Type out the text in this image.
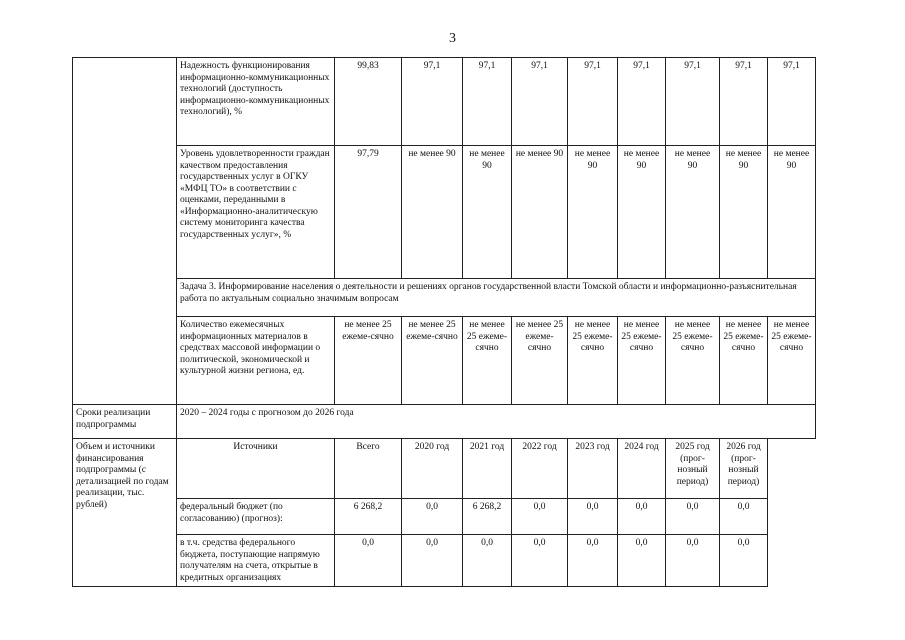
3
	Надежность функционирования информационно-коммуникационных технологий (доступность информационно-коммуникационных технологий), %	99,83	97,1	97,1	97,1	97,1	97,1	97,1	97,1	97,1
	Уровень удовлетворенности граждан качеством предоставления государственных услуг в ОГКУ «МФЦ ТО» в соответствии с оценками, переданными в «Информационно-аналитическую систему мониторинга качества государственных услуг», %	97,79	не менее 90	не менее 90	не менее 90	не менее 90	не менее 90	не менее 90	не менее 90	не менее 90
	Задача 3. Информирование населения о деятельности и решениях органов государственной власти Томской области и информационно-разъяснительная работа по актуальным социально значимым вопросам									
	Количество ежемесячных информационных материалов в средствах массовой информации о политической, экономической и культурной жизни региона, ед.	не менее 25 ежеме-сячно	не менее 25 ежеме-сячно	не менее 25 ежеме-сячно	не менее 25 ежеме-сячно	не менее 25 ежеме-сячно	не менее 25 ежеме-сячно	не менее 25 ежеме-сячно	не менее 25 ежеме-сячно	не менее 25 ежеме-сячно
Сроки реализации подпрограммы	2020 – 2024 годы с прогнозом до 2026 года									
Объем и источники финансирования подпрограммы (с детализацией по годам реализации, тыс. рублей)	Источники	Всего	2020 год	2021 год	2022 год	2023 год	2024 год	2025 год (прог-нозный период)	2026 год (прог-нозный период)	
	федеральный бюджет (по согласованию) (прогноз):	6 268,2	0,0	6 268,2	0,0	0,0	0,0	0,0	0,0	
	в т.ч. средства федерального бюджета, поступающие напрямую получателям на счета, открытые в кредитных организациях	0,0	0,0	0,0	0,0	0,0	0,0	0,0	0,0	
